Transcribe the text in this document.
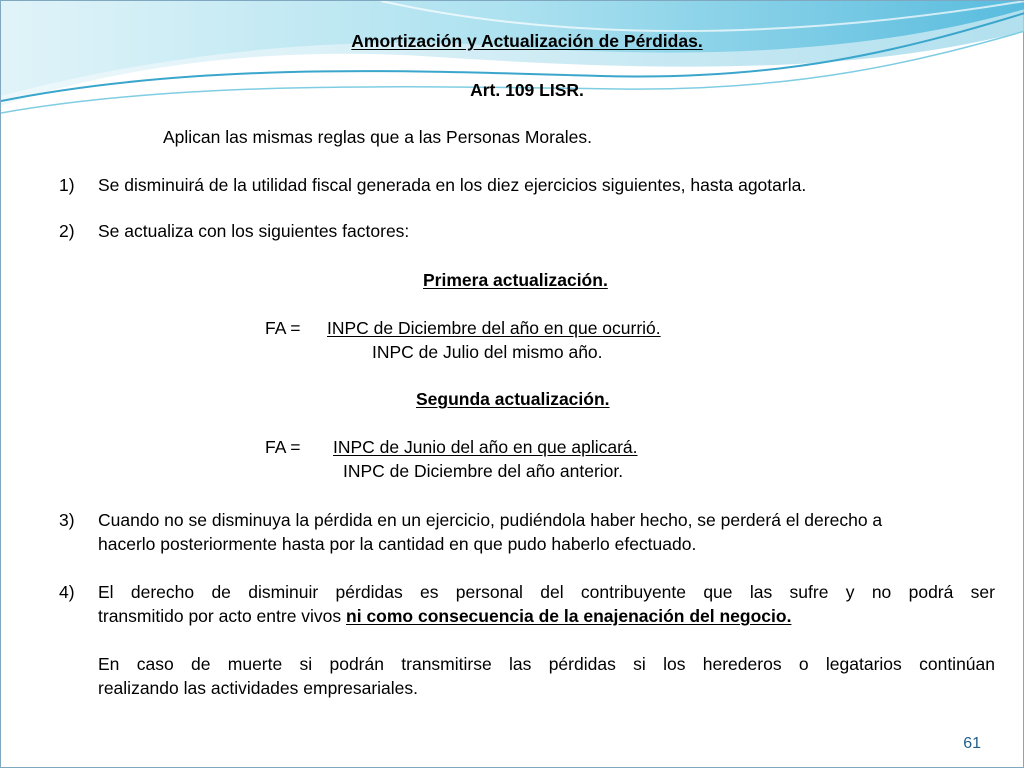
Amortización y Actualización de Pérdidas.
Art. 109 LISR.
Aplican las mismas reglas que a las Personas Morales.
1) Se disminuirá de la utilidad fiscal generada en los diez ejercicios siguientes, hasta agotarla.
2) Se actualiza con los siguientes factores:
Primera actualización.
FA = INPC de Diciembre del año en que ocurrió.
INPC de Julio del mismo año.
Segunda actualización.
FA = INPC de Junio del año en que aplicará.
INPC de Diciembre del año anterior.
3) Cuando no se disminuya la pérdida en un ejercicio, pudiéndola haber hecho, se perderá el derecho a
hacerlo posteriormente hasta por la cantidad en que pudo haberlo efectuado.
4) El derecho de disminuir pérdidas es personal del contribuyente que las sufre y no podrá ser
transmitido por acto entre vivos ni como consecuencia de la enajenación del negocio.
En caso de muerte si podrán transmitirse las pérdidas si los herederos o legatarios continúan
realizando las actividades empresariales.
61
